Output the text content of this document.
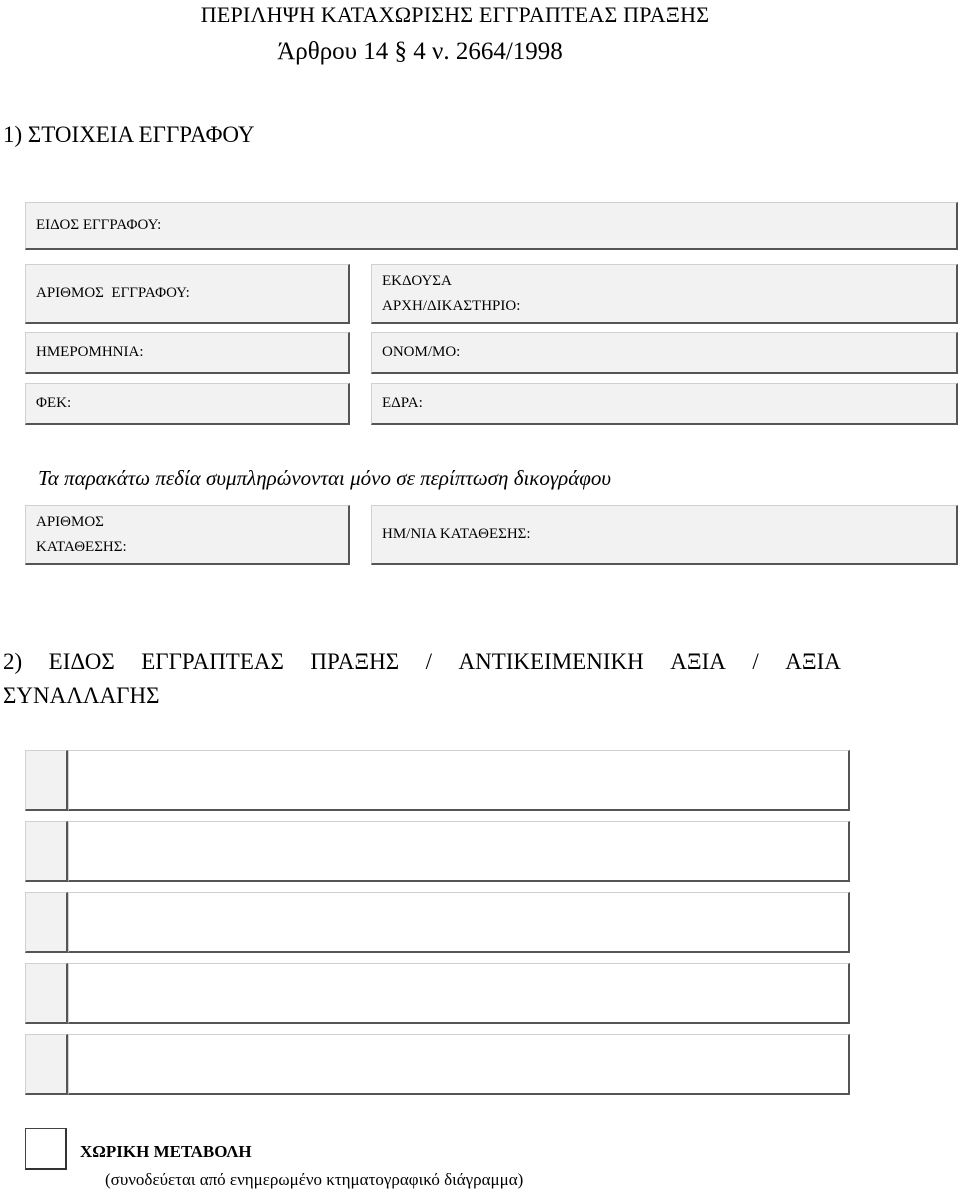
ΠΕΡΙΛΗΨΗ ΚΑΤΑΧΩΡΙΣΗΣ ΕΓΓΡΑΠΤΕΑΣ ΠΡΑΞΗΣ
Άρθρου 14 § 4 ν. 2664/1998
1) ΣΤΟΙΧΕΙΑ ΕΓΓΡΑΦΟΥ
ΕΙΔΟΣ ΕΓΓΡΑΦΟΥ:
ΑΡΙΘΜΟΣ  ΕΓΓΡΑΦΟΥ:
ΕΚΔΟΥΣΑ
ΑΡΧΗ/ΔΙΚΑΣΤΗΡΙΟ:
ΗΜΕΡΟΜΗΝΙΑ:	ΟΝΟΜ/ΜΟ:
ΦΕΚ:	ΕΔΡΑ:
Τα παρακάτω πεδία συμπληρώνονται μόνο σε περίπτωση δικογράφου
ΑΡΙΘΜΟΣ
ΚΑΤΑΘΕΣΗΣ:
ΗΜ/ΝΙΑ ΚΑΤΑΘΕΣΗΣ:
2) ΕΙΔΟΣ ΕΓΓΡΑΠΤΕΑΣ ΠΡΑΞΗΣ / ΑΝΤΙΚΕΙΜΕΝΙΚΗ ΑΞΙΑ / ΑΞΙΑ
ΣΥΝΑΛΛΑΓΗΣ
ΧΩΡΙΚΗ ΜΕΤΑΒΟΛΗ
(συνοδεύεται από ενημερωμένο κτηματογραφικό διάγραμμα)
